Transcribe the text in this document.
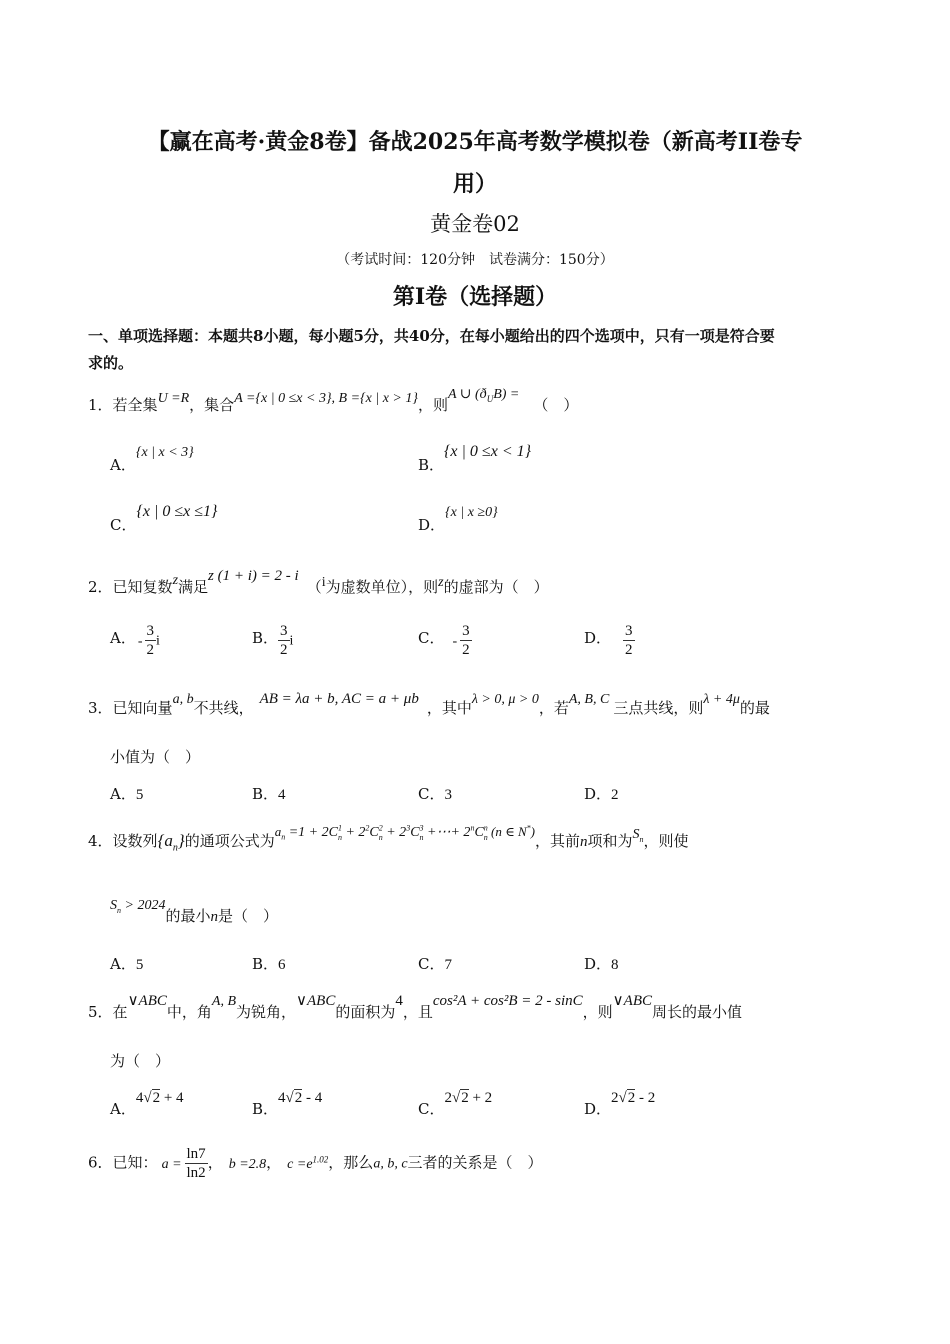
【赢在高考·黄金8卷】备战2025年高考数学模拟卷（新高考II卷专
用）
黄金卷02
（考试时间：120分钟　试卷满分：150分）
第I卷（选择题）
一、单项选择题：本题共8小题，每小题5分，共40分，在每小题给出的四个选项中，只有一项是符合要
求的。
1．若全集U =R，集合A ={x | 0 ≤x < 3}, B ={x | x > 1}，则A ∪ $(ð_UB)$ =（　）
A．{x | x < 3}
B．{x | 0 ≤x < 1}
C．{x | 0 ≤x ≤1}
D．{x | x ≥0}
2．已知复数z满足z (1 + i) = 2 - i（i为虚数单位），则z的虚部为（　）
A． - $\frac{3}{2}$ i	B． $\frac{3}{2}$ i	C． - $\frac{3}{2}$	D． $\frac{3}{2}$
3．已知向量a, b不共线， AB = λa + b, AC = a + μb ，其中λ > 0, μ > 0，若A, B, C 三点共线，则λ + 4μ的最
小值为（　）
A．5	B．4	C．3	D．2
4．设数列$\{a_n\}$的通项公式为$a_n =1 + 2C^1_n + 2^2C^2_n + 2^3C^3_n$ +⋯+ $2^nC^n_n$ (n ∈ N*)，其前n项和为$S_n$，则使
$S_n > 2024$的最小n是（　）
A．5	B．6	C．7	D．8
5．在∨ABC中，角A, B为锐角，∨ABC的面积为4，且cos²A + cos²B = 2 - sinC，则∨ABC周长的最小值
为（　）
A．4√2 + 4
B．4√2 - 4
C．2√2 + 2
D．2√2 - 2
6．已知： $a = \frac{\ln 7}{\ln 2}$ ， b =2.8， $c =e^{1.02}$，那么a, b, c三者的关系是（　）
